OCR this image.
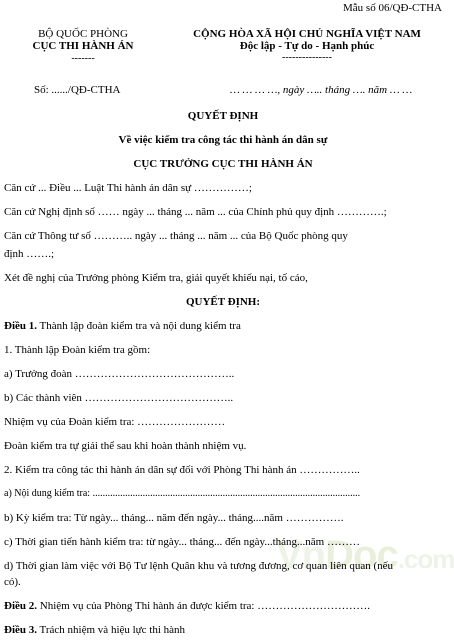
VnDoc.com
Mẫu số 06/QĐ-CTHA
BỘ QUỐC PHÒNG
CỤC THI HÀNH ÁN
-------
CỘNG HÒA XÃ HỘI CHỦ NGHĨA VIỆT NAM
Độc lập - Tự do - Hạnh phúc
---------------
Số: ....../QĐ-CTHA	… … … …, ngày ….. tháng …. năm … …
QUYẾT ĐỊNH
Về việc kiểm tra công tác thi hành án dân sự
CỤC TRƯỞNG CỤC THI HÀNH ÁN
Căn cứ ... Điều ... Luật Thi hành án dân sự ……………;
Căn cứ Nghị định số …… ngày ... tháng ... năm ... của Chính phủ quy định ………….;
Căn cứ Thông tư số ……….. ngày ... tháng ... năm ... của Bộ Quốc phòng quy
định …….;
Xét đề nghị của Trưởng phòng Kiểm tra, giải quyết khiếu nại, tố cáo,
QUYẾT ĐỊNH:
Điều 1. Thành lập đoàn kiểm tra và nội dung kiểm tra
1. Thành lập Đoàn kiểm tra gồm:
a) Trưởng đoàn ……………………………………..
b) Các thành viên …………………………………..
Nhiệm vụ của Đoàn kiểm tra: ……………………
Đoàn kiểm tra tự giải thể sau khi hoàn thành nhiệm vụ.
2. Kiểm tra công tác thi hành án dân sự đối với Phòng Thi hành án ……………..
a) Nội dung kiểm tra: ...........................................................................................................
b) Kỳ kiểm tra: Từ ngày... tháng... năm đến ngày... tháng....năm …………….
c) Thời gian tiến hành kiểm tra: từ ngày... tháng... đến ngày...tháng...năm ………
d) Thời gian làm việc với Bộ Tư lệnh Quân khu và tương đương, cơ quan liên quan (nếu
có).
Điều 2. Nhiệm vụ của Phòng Thi hành án được kiểm tra: ………………………….
Điều 3. Trách nhiệm và hiệu lực thi hành
